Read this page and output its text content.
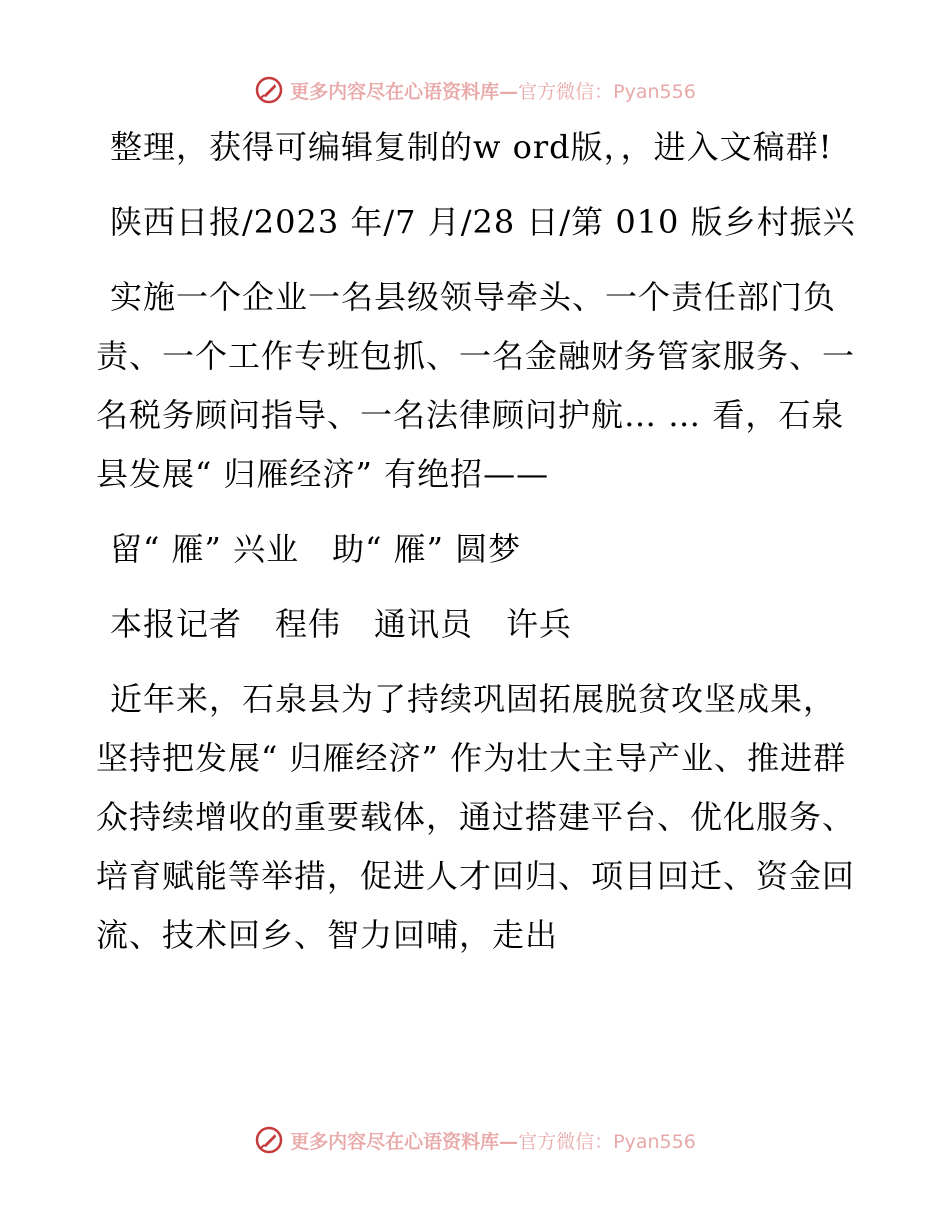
更多内容尽在心语资料库—官方微信：Pyan556

整理，获得可编辑复制的w ord版，，进入文稿群!

陕西日报/2023 年/7 月/28 日/第 010 版乡村振兴

实施一个企业一名县级领导牵头、一个责任部门负责、一个工作专班包抓、一名金融财务管家服务、一名税务顾问指导、一名法律顾问护航… … 看，石泉县发展“ 归雁经济” 有绝招——

留“ 雁” 兴业　助“ 雁” 圆梦

本报记者　程伟　通讯员　许兵

近年来，石泉县为了持续巩固拓展脱贫攻坚成果，坚持把发展“ 归雁经济” 作为壮大主导产业、推进群众持续增收的重要载体，通过搭建平台、优化服务、培育赋能等举措，促进人才回归、项目回迁、资金回流、技术回乡、智力回哺，走出

更多内容尽在心语资料库—官方微信：Pyan556
